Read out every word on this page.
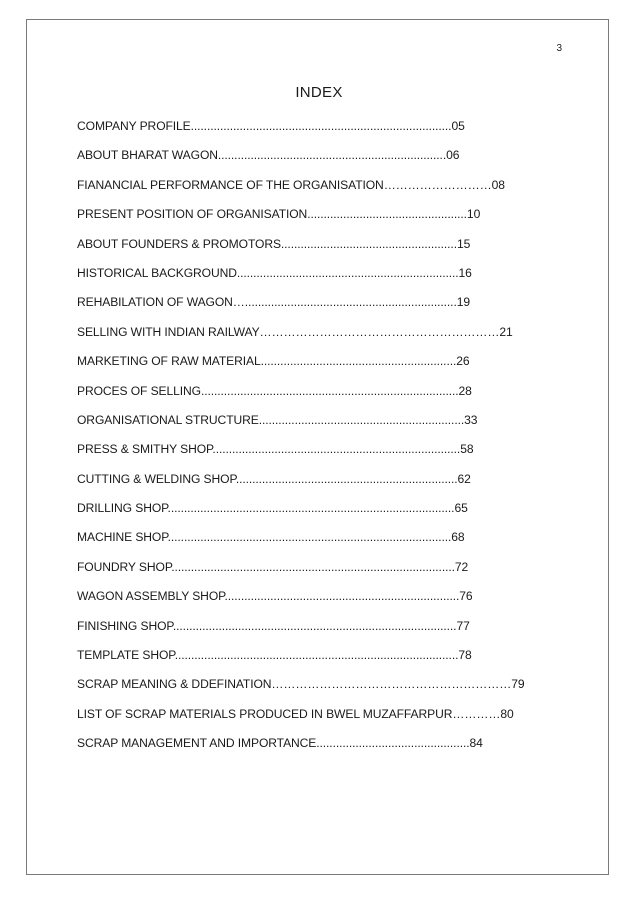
3
INDEX
COMPANY PROFILE................................................................................05
ABOUT BHARAT WAGON......................................................................06
FIANANCIAL PERFORMANCE OF THE ORGANISATION………………………08
PRESENT POSITION OF ORGANISATION.................................................10
ABOUT FOUNDERS & PROMOTORS......................................................15
HISTORICAL BACKGROUND....................................................................16
REHABILATION OF WAGON….................................................................19
SELLING WITH INDIAN RAILWAY……………………………………………………21
MARKETING OF RAW MATERIAL............................................................26
PROCES OF SELLING...............................................................................28
ORGANISATIONAL STRUCTURE...............................................................33
PRESS & SMITHY SHOP............................................................................58
CUTTING & WELDING SHOP....................................................................62
DRILLING SHOP........................................................................................65
MACHINE SHOP.......................................................................................68
FOUNDRY SHOP.......................................................................................72
WAGON ASSEMBLY SHOP........................................................................76
FINISHING SHOP.......................................................................................77
TEMPLATE SHOP.......................................................................................78
SCRAP MEANING & DDEFINATION……………………………………………………79
LIST OF SCRAP MATERIALS PRODUCED IN BWEL MUZAFFARPUR…………80
SCRAP MANAGEMENT AND IMPORTANCE...............................................84
